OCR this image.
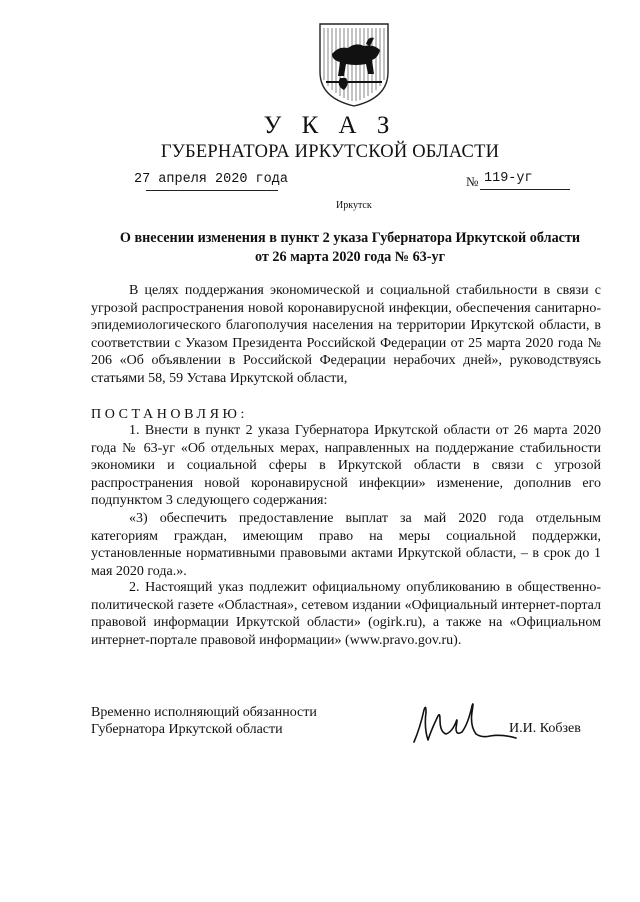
У К А З
ГУБЕРНАТОРА ИРКУТСКОЙ ОБЛАСТИ
27 апреля 2020 года	№ 119-уг
Иркутск
О внесении изменения в пункт 2 указа Губернатора Иркутской области
от 26 марта 2020 года № 63-уг

В целях поддержания экономической и социальной стабильности в связи с угрозой распространения новой коронавирусной инфекции, обеспечения санитарно-эпидемиологического благополучия населения на территории Иркутской области, в соответствии с Указом Президента Российской Федерации от 25 марта 2020 года № 206 «Об объявлении в Российской Федерации нерабочих дней», руководствуясь статьями 58, 59 Устава Иркутской области,

ПОСТАНОВЛЯЮ:

1. Внести в пункт 2 указа Губернатора Иркутской области от 26 марта 2020 года № 63-уг «Об отдельных мерах, направленных на поддержание стабильности экономики и социальной сферы в Иркутской области в связи с угрозой распространения новой коронавирусной инфекции» изменение, дополнив его подпунктом 3 следующего содержания:

«3) обеспечить предоставление выплат за май 2020 года отдельным категориям граждан, имеющим право на меры социальной поддержки, установленные нормативными правовыми актами Иркутской области, – в срок до 1 мая 2020 года.».

2. Настоящий указ подлежит официальному опубликованию в общественно-политической газете «Областная», сетевом издании «Официальный интернет-портал правовой информации Иркутской области» (ogirk.ru), а также на «Официальном интернет-портале правовой информации» (www.pravo.gov.ru).

Временно исполняющий обязанности
Губернатора Иркутской области	И.И. Кобзев
